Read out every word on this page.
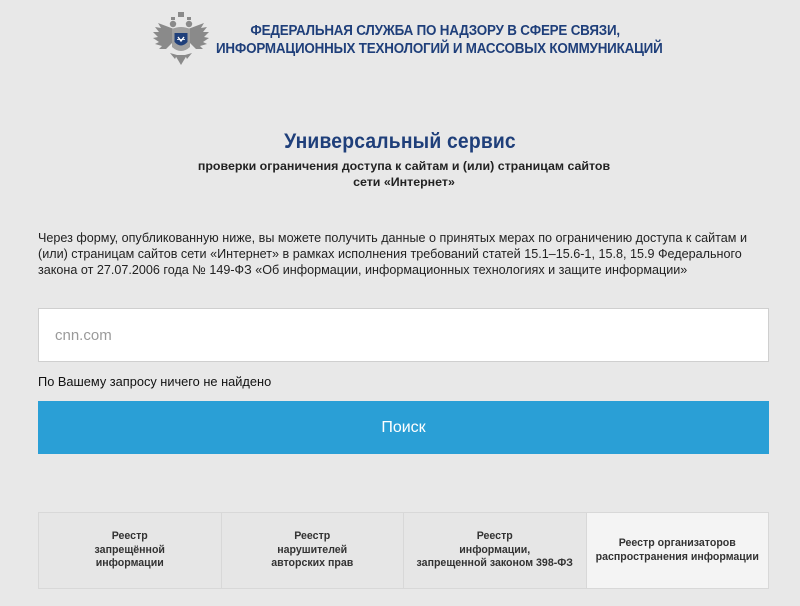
ФЕДЕРАЛЬНАЯ СЛУЖБА ПО НАДЗОРУ В СФЕРЕ СВЯЗИ,
ИНФОРМАЦИОННЫХ ТЕХНОЛОГИЙ И МАССОВЫХ КОММУНИКАЦИЙ
Универсальный сервис
проверки ограничения доступа к сайтам и (или) страницам сайтов
сети «Интернет»

Через форму, опубликованную ниже, вы можете получить данные о принятых мерах по ограничению доступа к сайтам и (или) страницам сайтов сети «Интернет» в рамках исполнения требований статей 15.1–15.6-1, 15.8, 15.9 Федерального закона от 27.07.2006 года № 149-ФЗ «Об информации, информационных технологиях и защите информации»

cnn.com
По Вашему запросу ничего не найдено
Поиск
Реестр
запрещённой
информации
Реестр
нарушителей
авторских прав
Реестр
информации,
запрещенной законом 398-ФЗ
Реестр организаторов
распространения информации
